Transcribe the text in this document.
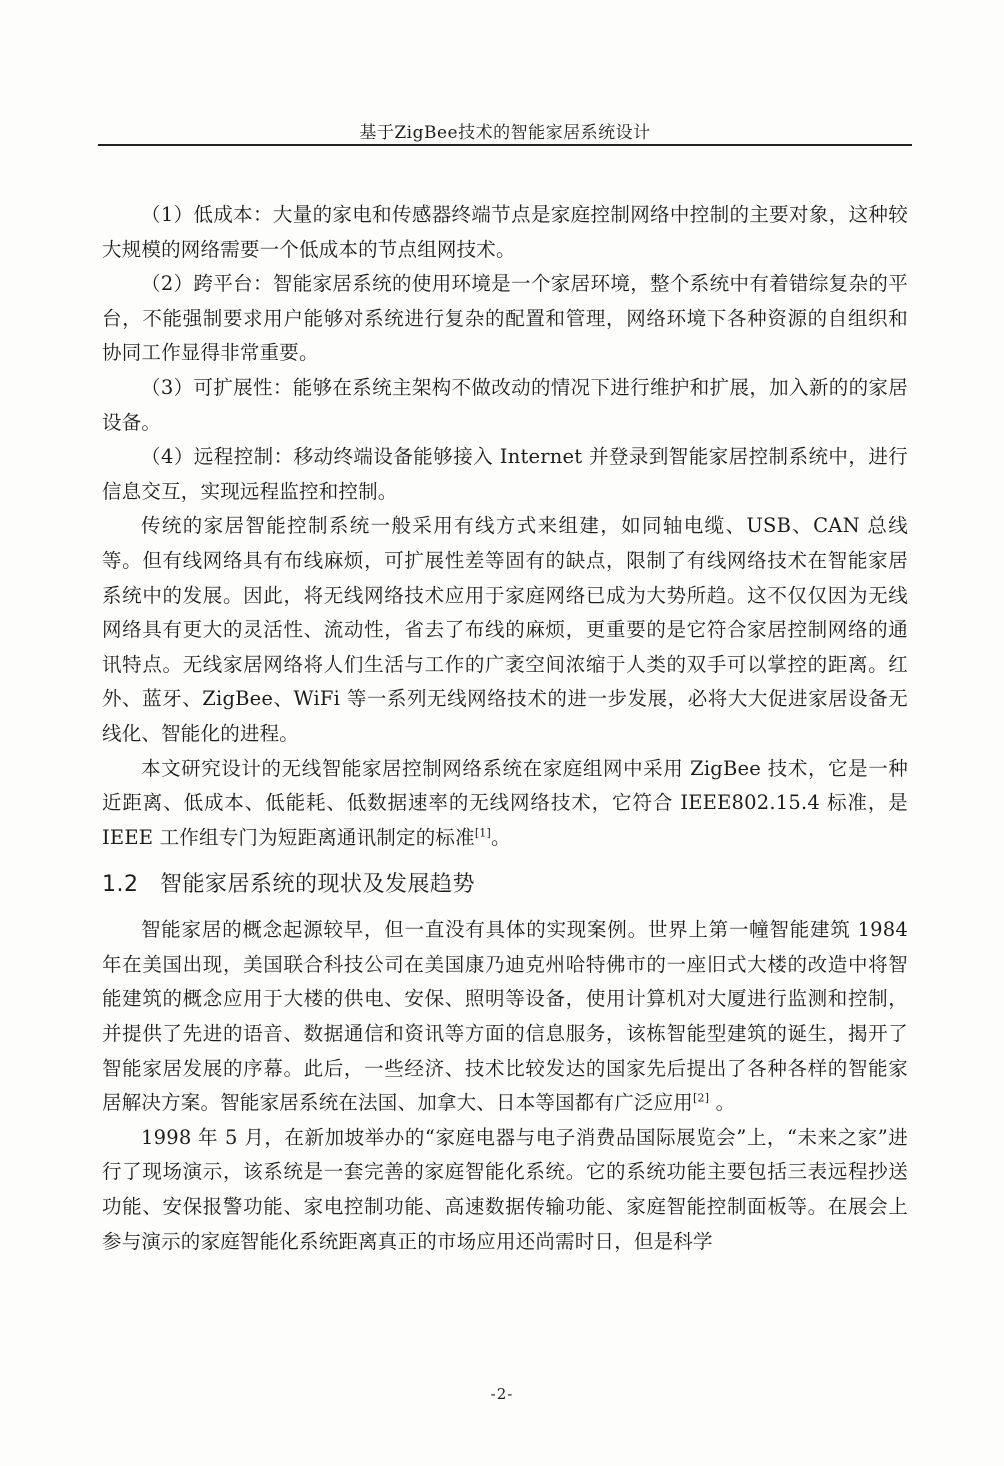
基于ZigBee技术的智能家居系统设计

（1）低成本：大量的家电和传感器终端节点是家庭控制网络中控制的主要对象，这种较大规模的网络需要一个低成本的节点组网技术。

（2）跨平台：智能家居系统的使用环境是一个家居环境，整个系统中有着错综复杂的平台，不能强制要求用户能够对系统进行复杂的配置和管理，网络环境下各种资源的自组织和协同工作显得非常重要。

（3）可扩展性：能够在系统主架构不做改动的情况下进行维护和扩展，加入新的的家居设备。

（4）远程控制：移动终端设备能够接入 Internet 并登录到智能家居控制系统中，进行信息交互，实现远程监控和控制。

传统的家居智能控制系统一般采用有线方式来组建，如同轴电缆、USB、CAN 总线等。但有线网络具有布线麻烦，可扩展性差等固有的缺点，限制了有线网络技术在智能家居系统中的发展。因此，将无线网络技术应用于家庭网络已成为大势所趋。这不仅仅因为无线网络具有更大的灵活性、流动性，省去了布线的麻烦，更重要的是它符合家居控制网络的通讯特点。无线家居网络将人们生活与工作的广袤空间浓缩于人类的双手可以掌控的距离。红外、蓝牙、ZigBee、WiFi 等一系列无线网络技术的进一步发展，必将大大促进家居设备无线化、智能化的进程。

本文研究设计的无线智能家居控制网络系统在家庭组网中采用 ZigBee 技术，它是一种近距离、低成本、低能耗、低数据速率的无线网络技术，它符合 IEEE802.15.4 标准，是 IEEE 工作组专门为短距离通讯制定的标准[1]。

1.2 智能家居系统的现状及发展趋势

智能家居的概念起源较早，但一直没有具体的实现案例。世界上第一幢智能建筑 1984 年在美国出现，美国联合科技公司在美国康乃迪克州哈特佛市的一座旧式大楼的改造中将智能建筑的概念应用于大楼的供电、安保、照明等设备，使用计算机对大厦进行监测和控制，并提供了先进的语音、数据通信和资讯等方面的信息服务，该栋智能型建筑的诞生，揭开了智能家居发展的序幕。此后，一些经济、技术比较发达的国家先后提出了各种各样的智能家居解决方案。智能家居系统在法国、加拿大、日本等国都有广泛应用[2] 。

1998 年 5 月，在新加坡举办的“家庭电器与电子消费品国际展览会”上，“未来之家”进行了现场演示，该系统是一套完善的家庭智能化系统。它的系统功能主要包括三表远程抄送功能、安保报警功能、家电控制功能、高速数据传输功能、家庭智能控制面板等。在展会上参与演示的家庭智能化系统距离真正的市场应用还尚需时日，但是科学

-2-
